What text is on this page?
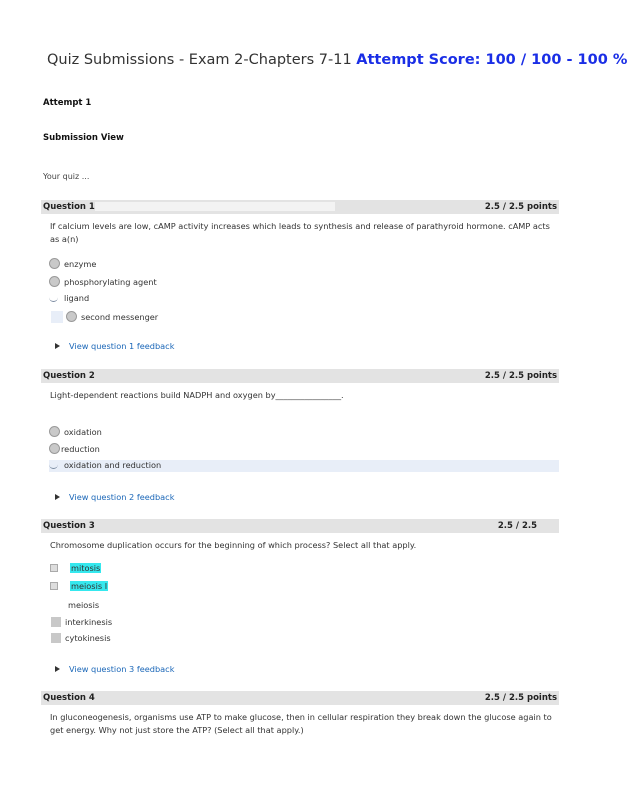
Quiz Submissions - Exam 2-Chapters 7-11 Attempt Score: 100 / 100 - 100 %
Attempt 1
Submission View
Your quiz ...
Question 1	2.5 / 2.5 points
If calcium levels are low, cAMP activity increases which leads to synthesis and release of parathyroid hormone. cAMP acts as a(n)
enzyme
phosphorylating agent
ligand
second messenger
View question 1 feedback
Question 2	2.5 / 2.5 points
Light-dependent reactions build NADPH and oxygen by________________.
oxidation
reduction
oxidation and reduction
View question 2 feedback
Question 3	2.5 / 2.5
Chromosome duplication occurs for the beginning of which process? Select all that apply.
mitosis
meiosis I
meiosis
interkinesis
cytokinesis
View question 3 feedback
Question 4	2.5 / 2.5 points
In gluconeogenesis, organisms use ATP to make glucose, then in cellular respiration they break down the glucose again to get energy. Why not just store the ATP? (Select all that apply.)
